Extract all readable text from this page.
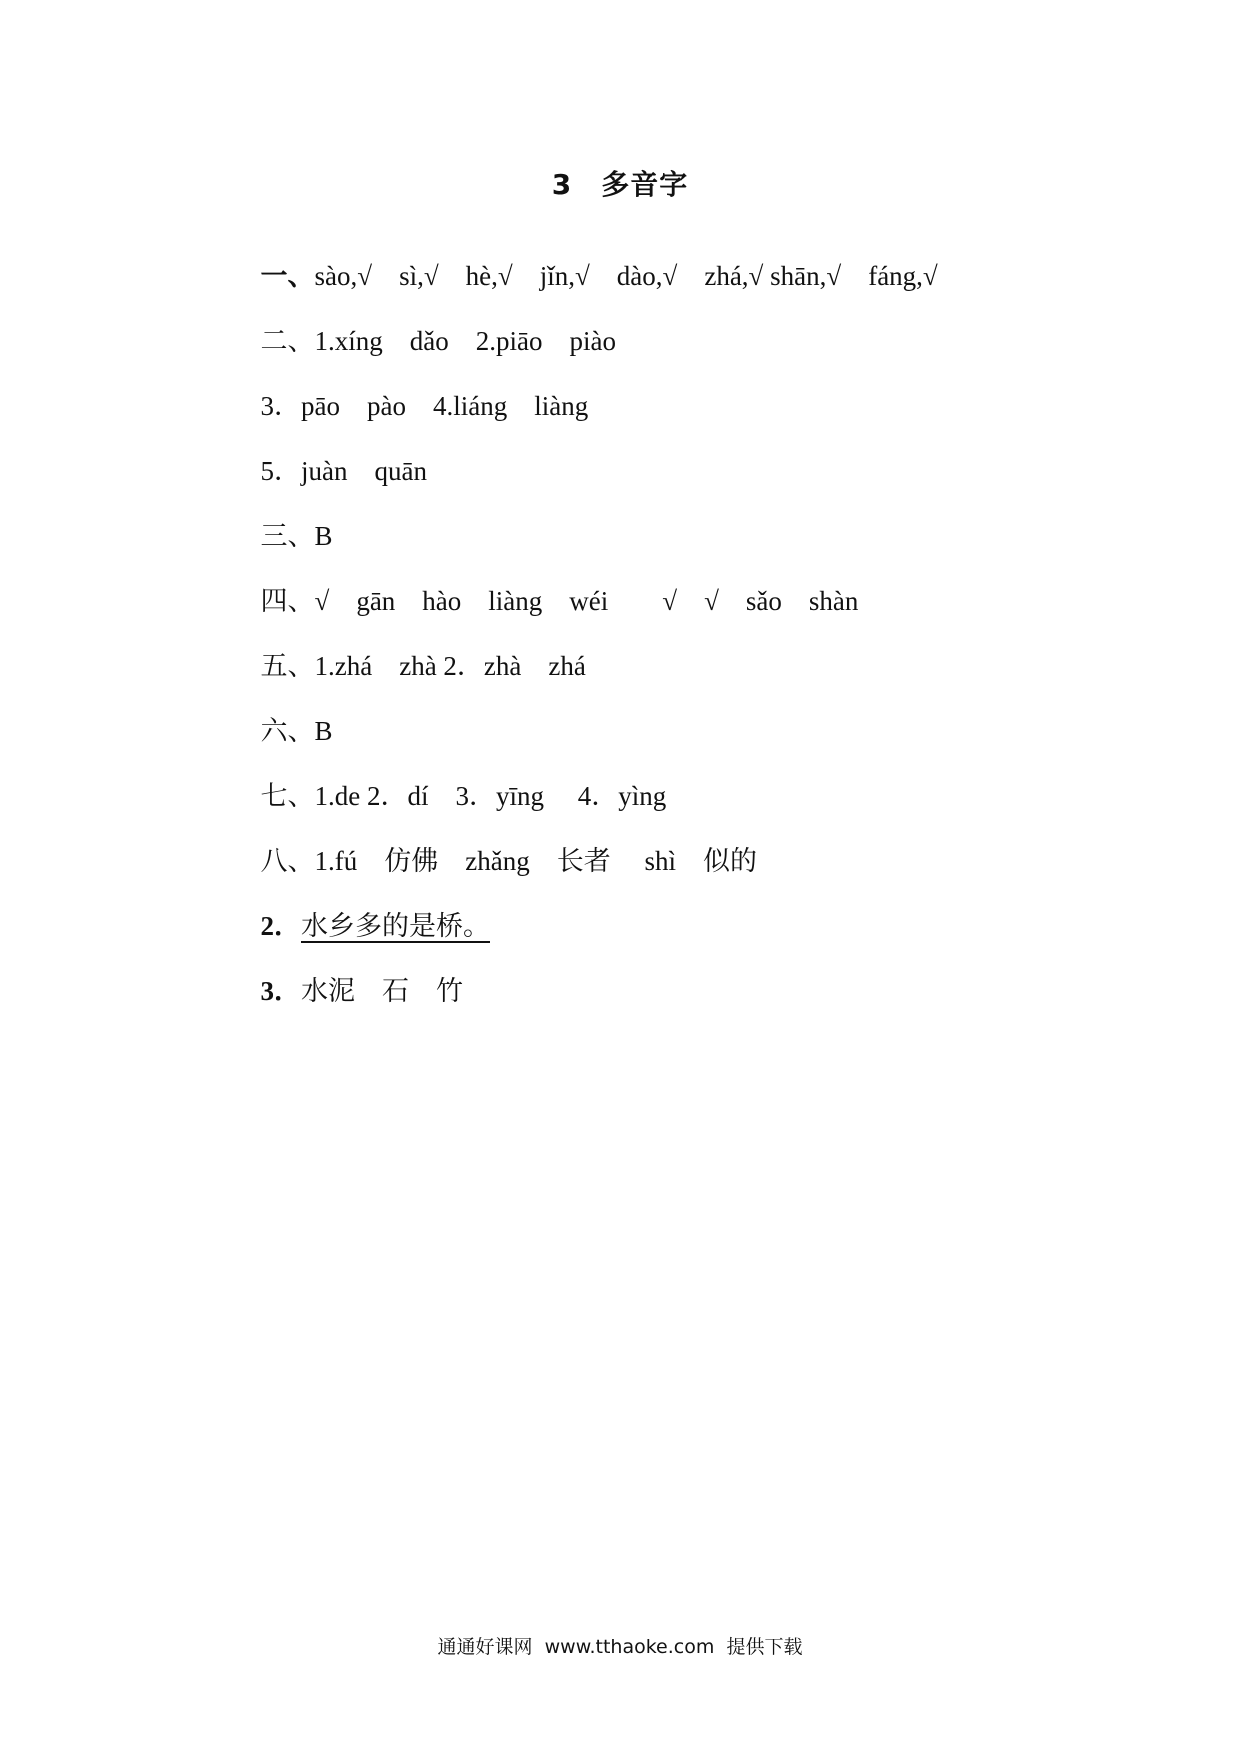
3　多音字

一、sào,√ sì,√ hè,√ jǐn,√ dào,√ zhá,√ shān,√ fáng,√

二、1.xíng　dǎo　2.piāo　piào

3．pāo　pào　4.liáng　liàng

5．juàn　quān

三、B

四、√　gān　hào　liàng　wéi　　√　√　sǎo　shàn

五、1.zhá　zhà 2．zhà　zhá

六、B

七、1.de 2．dí　3．yīng　 4．yìng

八、1.fú　仿佛　zhǎng　长者　 shì　似的

2．水乡多的是桥。

3．水泥　石　竹

通通好课网  www.tthaoke.com  提供下载
